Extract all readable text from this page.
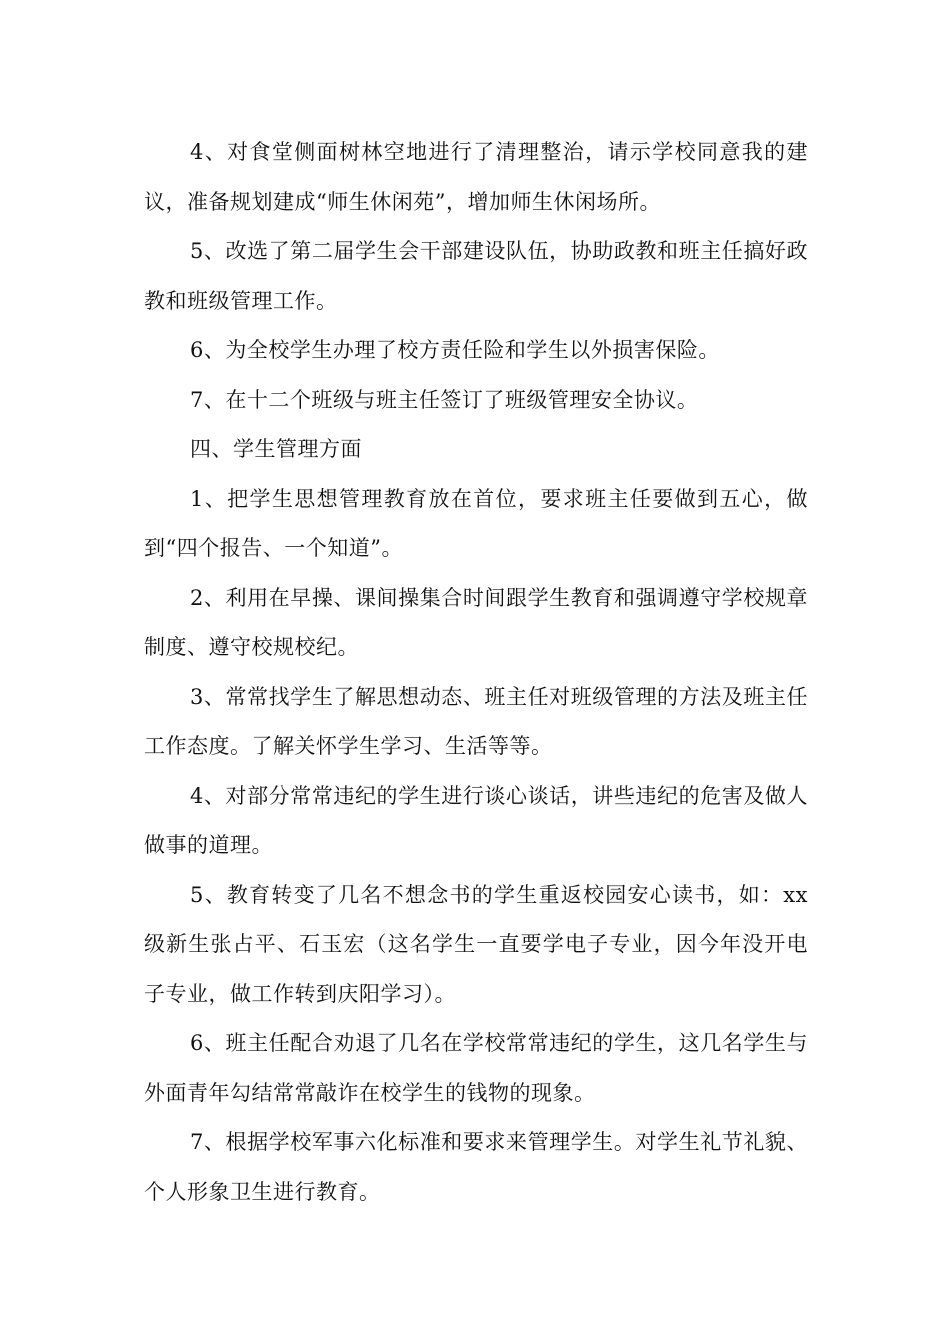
4、对食堂侧面树林空地进行了清理整治，请示学校同意我的建议，准备规划建成“师生休闲苑”，增加师生休闲场所。

5、改选了第二届学生会干部建设队伍，协助政教和班主任搞好政教和班级管理工作。

6、为全校学生办理了校方责任险和学生以外损害保险。

7、在十二个班级与班主任签订了班级管理安全协议。

四、学生管理方面

1、把学生思想管理教育放在首位，要求班主任要做到五心，做到“四个报告、一个知道”。

2、利用在早操、课间操集合时间跟学生教育和强调遵守学校规章制度、遵守校规校纪。

3、常常找学生了解思想动态、班主任对班级管理的方法及班主任工作态度。了解关怀学生学习、生活等等。

4、对部分常常违纪的学生进行谈心谈话，讲些违纪的危害及做人做事的道理。

5、教育转变了几名不想念书的学生重返校园安心读书，如：xx级新生张占平、石玉宏（这名学生一直要学电子专业，因今年没开电子专业，做工作转到庆阳学习）。

6、班主任配合劝退了几名在学校常常违纪的学生，这几名学生与外面青年勾结常常敲诈在校学生的钱物的现象。

7、根据学校军事六化标准和要求来管理学生。对学生礼节礼貌、个人形象卫生进行教育。
